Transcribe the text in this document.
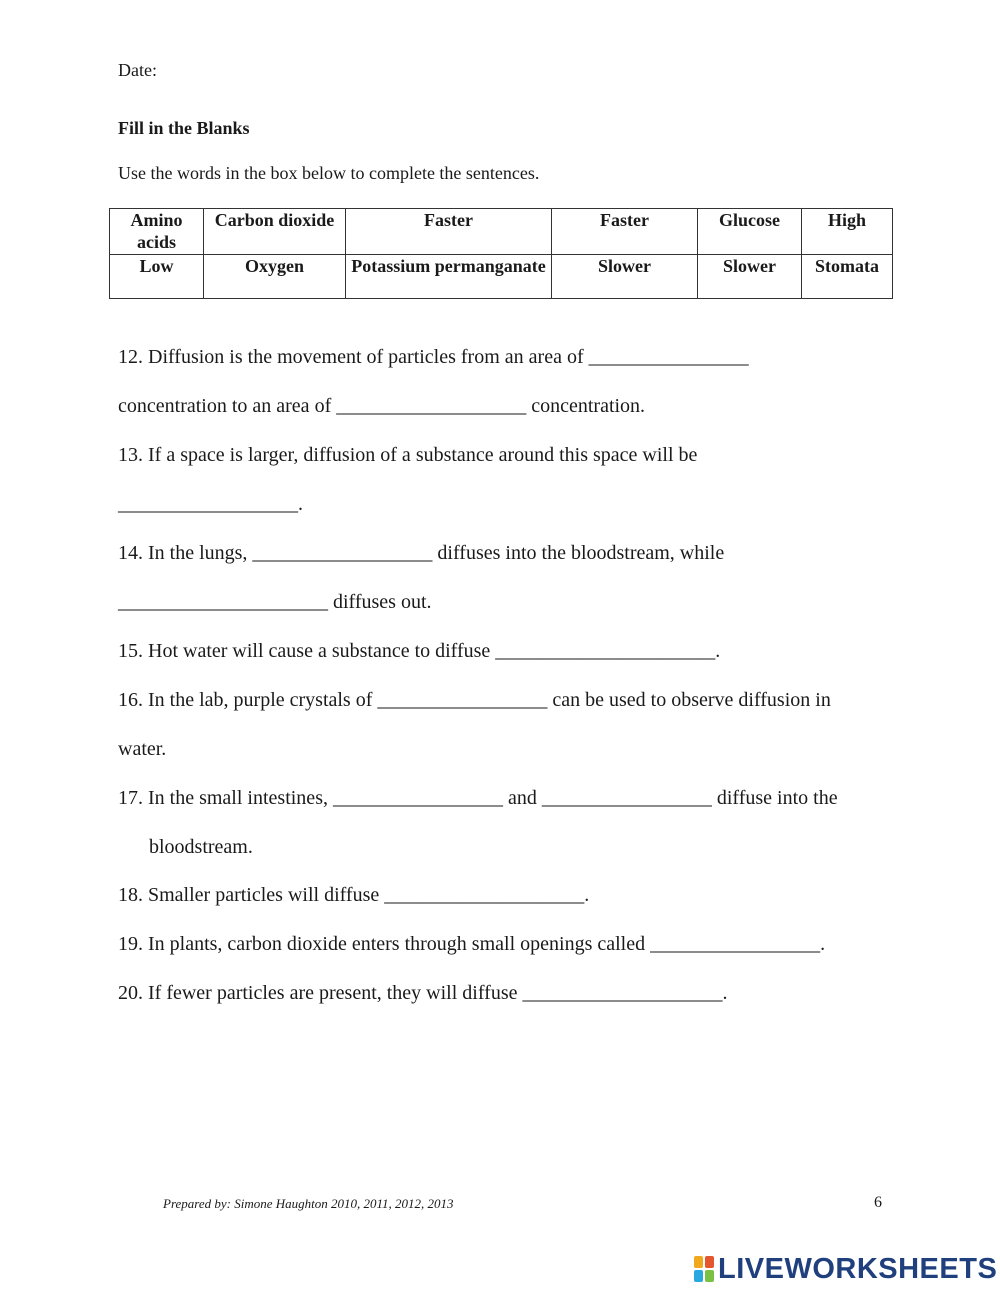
Date:
Fill in the Blanks
Use the words in the box below to complete the sentences.
Amino acids	Carbon dioxide	Faster	Faster	Glucose	High
Low	Oxygen	Potassium permanganate	Slower	Slower	Stomata
12. Diffusion is the movement of particles from an area of ________________
concentration to an area of ___________________ concentration.
13. If a space is larger, diffusion of a substance around this space will be
__________________.
14. In the lungs, __________________ diffuses into the bloodstream, while
_____________________ diffuses out.
15. Hot water will cause a substance to diffuse ______________________.
16. In the lab, purple crystals of _________________ can be used to observe diffusion in
water.
17. In the small intestines, _________________ and _________________ diffuse into the
bloodstream.
18. Smaller particles will diffuse ____________________.
19. In plants, carbon dioxide enters through small openings called _________________.
20. If fewer particles are present, they will diffuse ____________________.
Prepared by: Simone Haughton 2010, 2011, 2012, 2013	6
LIVEWORKSHEETS
